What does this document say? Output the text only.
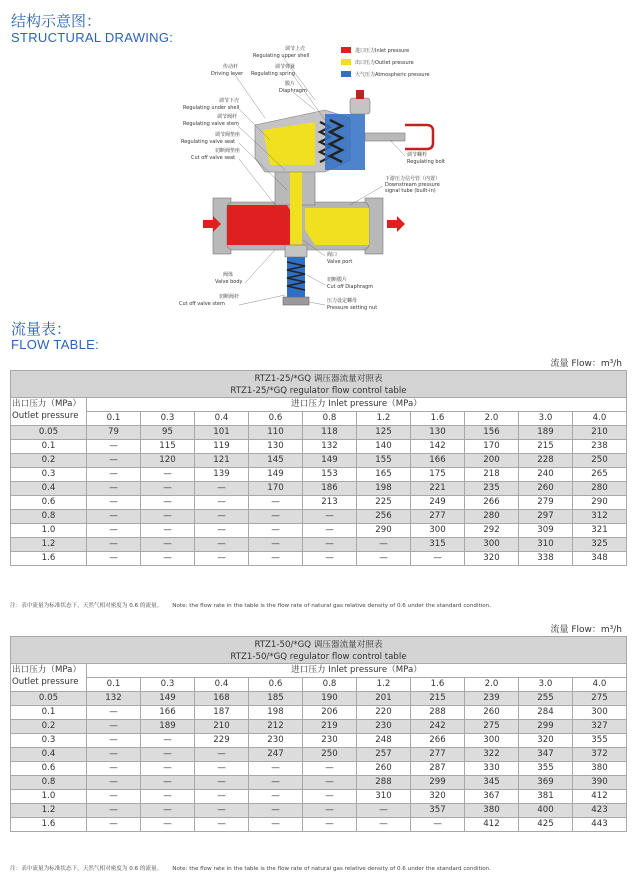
结构示意图：
STRUCTURAL DRAWING:
进口压力Inlet pressure
出口压力Outlet pressure
大气压力Atmospheric pressure
调节上壳
Regulating upper shell
传动杆
Driving lever
调节弹簧
Regulating spring
膜片
Diaphragm
调节下壳
Regulating under shell
调节阀杆
Regulating valve stem
调节阀垫座
Regulating valve seat
切断阀垫座
Cut off valve seat	调节螺栓
Regulating bolt
下游压力信号管（内置）
Downstream pressure
signal tube (built-in)
阀口
Valve port
阀体
Valve body	切断膜片
Cut off Diaphragm
切断阀杆
Cut off valve stem	压力设定螺母
Pressure setting nut
流量表：
FLOW TABLE:
流量 Flow：m³/h
RTZ1-25/*GQ 调压器流量对照表
RTZ1-25/*GQ regulator flow control table										

出口压力（MPa）
Outlet pressure	进口压力 Inlet pressure（MPa）									
	0.1	0.3	0.4	0.6	0.8	1.2	1.6	2.0	3.0	4.0
0.05	79	95	101	110	118	125	130	156	189	210
0.1	—	115	119	130	132	140	142	170	215	238
0.2	—	120	121	145	149	155	166	200	228	250
0.3	—	—	139	149	153	165	175	218	240	265
0.4	—	—	—	170	186	198	221	235	260	280
0.6	—	—	—	—	213	225	249	266	279	290
0.8	—	—	—	—	—	256	277	280	297	312
1.0	—	—	—	—	—	290	300	292	309	321
1.2	—	—	—	—	—	—	315	300	310	325
1.6	—	—	—	—	—	—	—	320	338	348
注：表中流量为标准状态下，天然气相对密度为 0.6 的流量。 Note: the flow rate in the table is the flow rate of natural gas relative density of 0.6 under the standard condition.
流量 Flow：m³/h
RTZ1-50/*GQ 调压器流量对照表
RTZ1-50/*GQ regulator flow control table										

出口压力（MPa）
Outlet pressure	进口压力 Inlet pressure（MPa）									
	0.1	0.3	0.4	0.6	0.8	1.2	1.6	2.0	3.0	4.0
0.05	132	149	168	185	190	201	215	239	255	275
0.1	—	166	187	198	206	220	288	260	284	300
0.2	—	189	210	212	219	230	242	275	299	327
0.3	—	—	229	230	230	248	266	300	320	355
0.4	—	—	—	247	250	257	277	322	347	372
0.6	—	—	—	—	—	260	287	330	355	380
0.8	—	—	—	—	—	288	299	345	369	390
1.0	—	—	—	—	—	310	320	367	381	412
1.2	—	—	—	—	—	—	357	380	400	423
1.6	—	—	—	—	—	—	—	412	425	443
注：表中流量为标准状态下，天然气相对密度为 0.6 的流量。 Note: the flow rate in the table is the flow rate of natural gas relative density of 0.6 under the standard condition.
